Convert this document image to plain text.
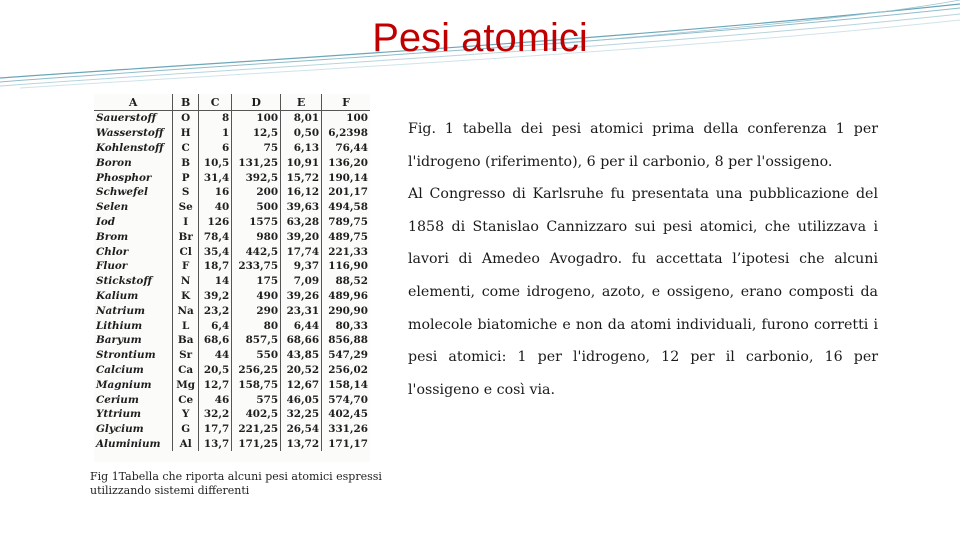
Pesi atomici
A	B	C	D	E	F
Sauerstoff	O	8	100	8,01	100
Wasserstoff	H	1	12,5	0,50	6,2398
Kohlenstoff	C	6	75	6,13	76,44
Boron	B	10,5	131,25	10,91	136,20
Phosphor	P	31,4	392,5	15,72	190,14
Schwefel	S	16	200	16,12	201,17
Selen	Se	40	500	39,63	494,58
Iod	I	126	1575	63,28	789,75
Brom	Br	78,4	980	39,20	489,75
Chlor	Cl	35,4	442,5	17,74	221,33
Fluor	F	18,7	233,75	9,37	116,90
Stickstoff	N	14	175	7,09	88,52
Kalium	K	39,2	490	39,26	489,96
Natrium	Na	23,2	290	23,31	290,90
Lithium	L	6,4	80	6,44	80,33
Baryum	Ba	68,6	857,5	68,66	856,88
Strontium	Sr	44	550	43,85	547,29
Calcium	Ca	20,5	256,25	20,52	256,02
Magnium	Mg	12,7	158,75	12,67	158,14
Cerium	Ce	46	575	46,05	574,70
Yttrium	Y	32,2	402,5	32,25	402,45
Glycium	G	17,7	221,25	26,54	331,26
Aluminium	Al	13,7	171,25	13,72	171,17
Fig 1Tabella che riporta alcuni pesi atomici espressi utilizzando sistemi differenti

Fig. 1 tabella dei pesi atomici prima della conferenza 1 per l'idrogeno (riferimento), 6 per il carbonio, 8 per l'ossigeno.

Al Congresso di Karlsruhe fu presentata una pubblicazione del 1858 di Stanislao Cannizzaro sui pesi atomici, che utilizzava i lavori di Amedeo Avogadro. fu accettata l’ipotesi che alcuni elementi, come idrogeno, azoto, e ossigeno, erano composti da molecole biatomiche e non da atomi individuali, furono corretti i pesi atomici: 1 per l'idrogeno, 12 per il carbonio, 16 per l'ossigeno e così via.
